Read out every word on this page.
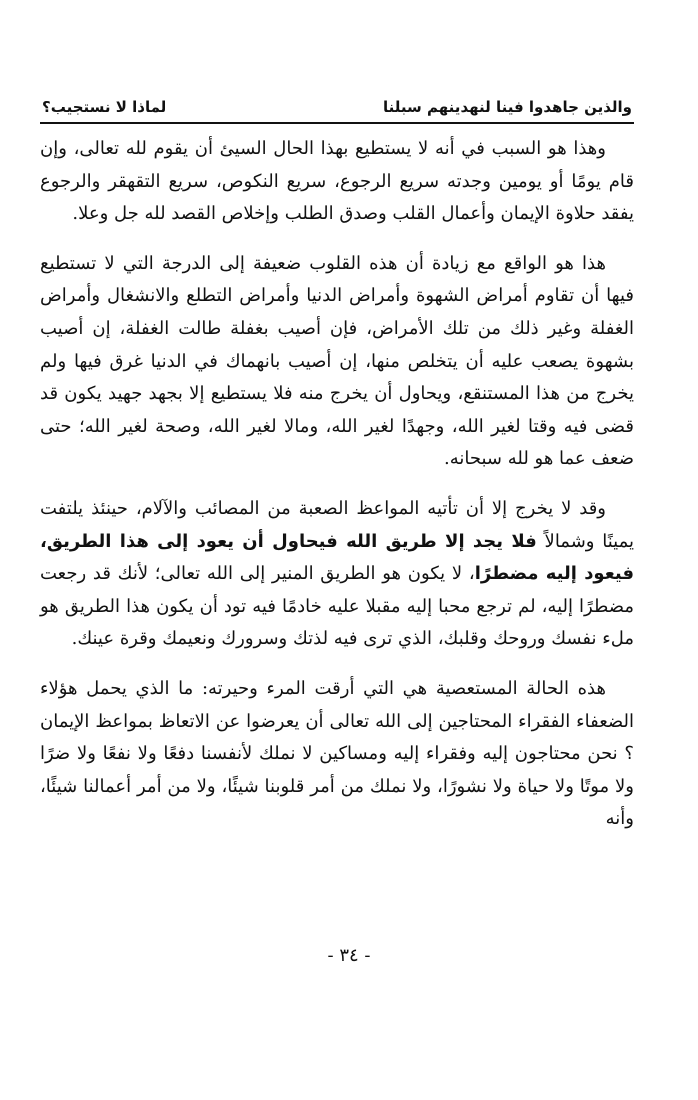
والذين جاهدوا فينا لنهدينهم سبلنا
لماذا لا نستجيب؟

وهذا هو السبب في أنه لا يستطيع بهذا الحال السيئ أن يقوم لله تعالى، وإن قام يومًا أو يومين وجدته سريع الرجوع، سريع النكوص، سريع التقهقر والرجوع يفقد حلاوة الإيمان وأعمال القلب وصدق الطلب وإخلاص القصد لله جل وعلا.

هذا هو الواقع مع زيادة أن هذه القلوب ضعيفة إلى الدرجة التي لا تستطيع فيها أن تقاوم أمراض الشهوة وأمراض الدنيا وأمراض التطلع والانشغال وأمراض الغفلة وغير ذلك من تلك الأمراض، فإن أصيب بغفلة طالت الغفلة، إن أصيب بشهوة يصعب عليه أن يتخلص منها، إن أصيب بانهماك في الدنيا غرق فيها ولم يخرج من هذا المستنقع، ويحاول أن يخرج منه فلا يستطيع إلا بجهد جهيد يكون قد قضى فيه وقتا لغير الله، وجهدًا لغير الله، ومالا لغير الله، وصحة لغير الله؛ حتى ضعف عما هو لله سبحانه.

وقد لا يخرج إلا أن تأتيه المواعظ الصعبة من المصائب والآلام، حينئذ يلتفت يمينًا وشمالاً فلا يجد إلا طريق الله فيحاول أن يعود إلى هذا الطريق، فيعود إليه مضطرًا، لا يكون هو الطريق المنير إلى الله تعالى؛ لأنك قد رجعت مضطرًا إليه، لم ترجع محبا إليه مقبلا عليه خادمًا فيه تود أن يكون هذا الطريق هو ملء نفسك وروحك وقلبك، الذي ترى فيه لذتك وسرورك ونعيمك وقرة عينك.

هذه الحالة المستعصية هي التي أرقت المرء وحيرته: ما الذي يحمل هؤلاء الضعفاء الفقراء المحتاجين إلى الله تعالى أن يعرضوا عن الاتعاظ بمواعظ الإيمان ؟ نحن محتاجون إليه وفقراء إليه ومساكين لا نملك لأنفسنا دفعًا ولا نفعًا ولا ضرًا ولا موتًا ولا حياة ولا نشورًا، ولا نملك من أمر قلوبنا شيئًا، ولا من أمر أعمالنا شيئًا، وأنه

- ٣٤ -
